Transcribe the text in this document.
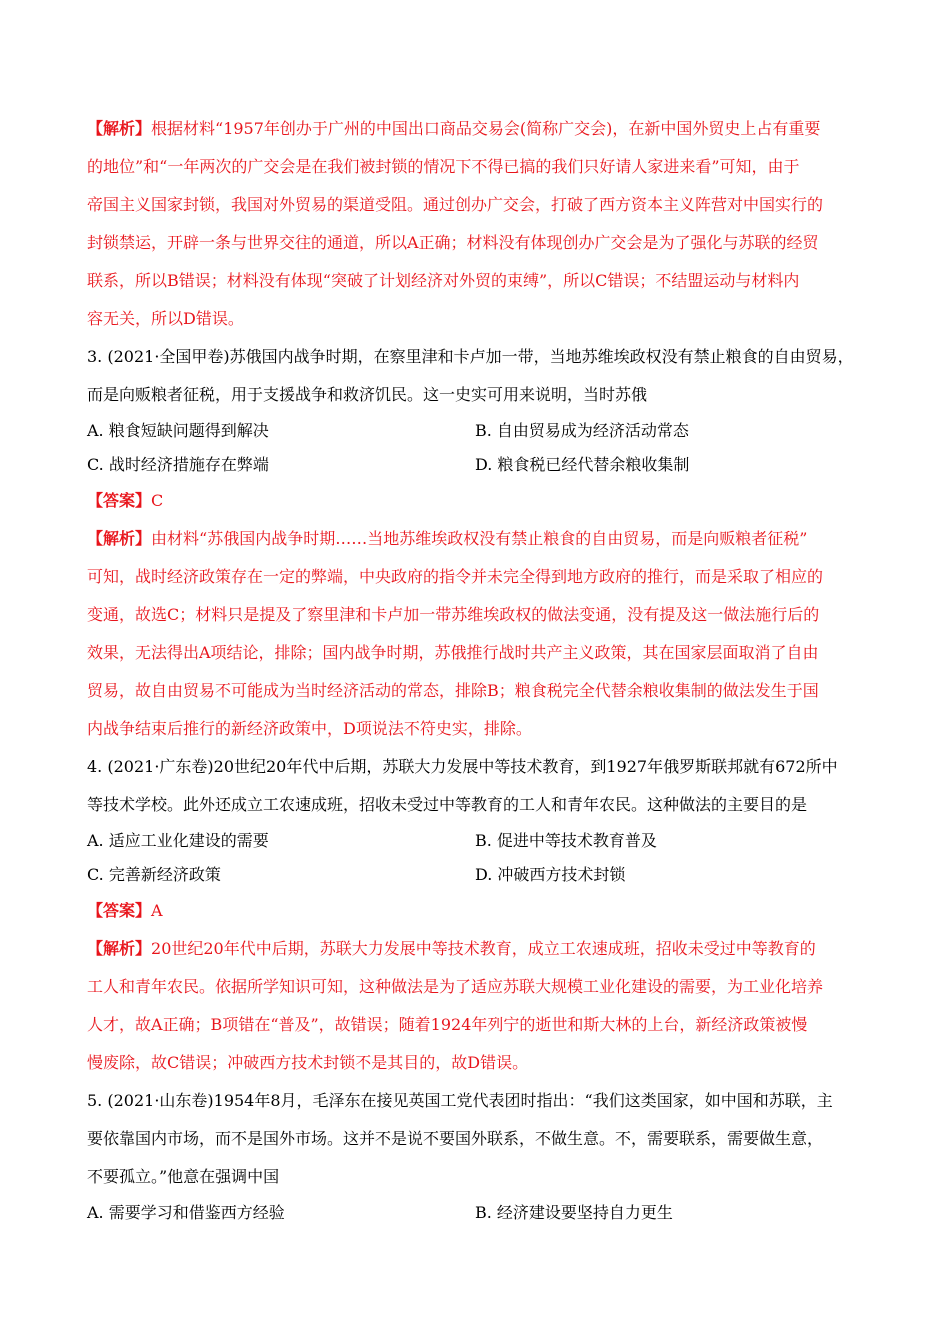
【解析】根据材料“1957年创办于广州的中国出口商品交易会(简称广交会)，在新中国外贸史上占有重要
的地位”和“一年两次的广交会是在我们被封锁的情况下不得已搞的我们只好请人家进来看”可知，由于
帝国主义国家封锁，我国对外贸易的渠道受阻。通过创办广交会，打破了西方资本主义阵营对中国实行的
封锁禁运，开辟一条与世界交往的通道，所以A正确；材料没有体现创办广交会是为了强化与苏联的经贸
联系，所以B错误；材料没有体现“突破了计划经济对外贸的束缚”，所以C错误；不结盟运动与材料内
容无关，所以D错误。
3. (2021·全国甲卷)苏俄国内战争时期，在察里津和卡卢加一带，当地苏维埃政权没有禁止粮食的自由贸易，
而是向贩粮者征税，用于支援战争和救济饥民。这一史实可用来说明，当时苏俄
A. 粮食短缺问题得到解决	B. 自由贸易成为经济活动常态
C. 战时经济措施存在弊端	D. 粮食税已经代替余粮收集制
【答案】C
【解析】由材料“苏俄国内战争时期……当地苏维埃政权没有禁止粮食的自由贸易，而是向贩粮者征税”
可知，战时经济政策存在一定的弊端，中央政府的指令并未完全得到地方政府的推行，而是采取了相应的
变通，故选C；材料只是提及了察里津和卡卢加一带苏维埃政权的做法变通，没有提及这一做法施行后的
效果，无法得出A项结论，排除；国内战争时期，苏俄推行战时共产主义政策，其在国家层面取消了自由
贸易，故自由贸易不可能成为当时经济活动的常态，排除B；粮食税完全代替余粮收集制的做法发生于国
内战争结束后推行的新经济政策中，D项说法不符史实，排除。
4. (2021·广东卷)20世纪20年代中后期，苏联大力发展中等技术教育，到1927年俄罗斯联邦就有672所中
等技术学校。此外还成立工农速成班，招收未受过中等教育的工人和青年农民。这种做法的主要目的是
A. 适应工业化建设的需要	B. 促进中等技术教育普及
C. 完善新经济政策	D. 冲破西方技术封锁
【答案】A
【解析】20世纪20年代中后期，苏联大力发展中等技术教育，成立工农速成班，招收未受过中等教育的
工人和青年农民。依据所学知识可知，这种做法是为了适应苏联大规模工业化建设的需要，为工业化培养
人才，故A正确；B项错在“普及”，故错误；随着1924年列宁的逝世和斯大林的上台，新经济政策被慢
慢废除，故C错误；冲破西方技术封锁不是其目的，故D错误。
5. (2021·山东卷)1954年8月，毛泽东在接见英国工党代表团时指出：“我们这类国家，如中国和苏联，主
要依靠国内市场，而不是国外市场。这并不是说不要国外联系，不做生意。不，需要联系，需要做生意，
不要孤立。”他意在强调中国
A. 需要学习和借鉴西方经验	B. 经济建设要坚持自力更生
